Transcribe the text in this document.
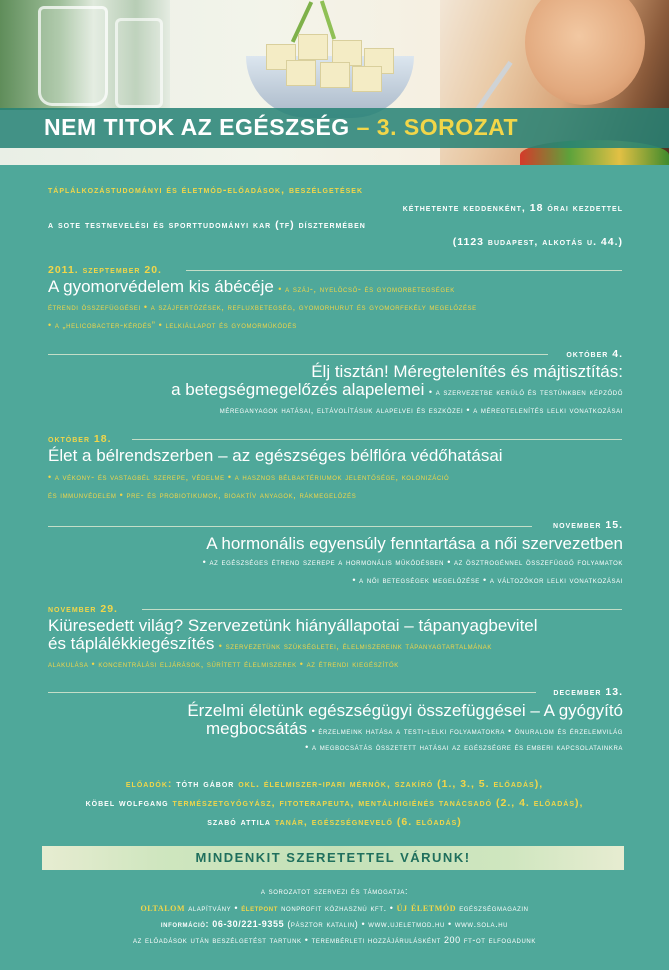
NEM TITOK AZ EGÉSZSÉG – 3. SOROZAT
táplálkozástudományi és életmód-előadások, beszélgetések
kéthetente keddenként, 18 órai kezdettel
a sote testnevelési és sporttudományi kar (tf) dísztermében
(1123 budapest, alkotás u. 44.)
2011. szeptember 20.
A gyomorvédelem kis ábécéje • a száj-, nyelőcső- és gyomorbetegségek
étrendi összefüggései • a szájfertőzések, refluxbetegség, gyomorhurut és gyomorfekély megelőzése
• a „helicobacter-kérdés” • lelkiállapot és gyomorműködés
október 4.
Élj tisztán! Méregtelenítés és májtisztítás:
a betegségmegelőzés alapelemei • a szervezetbe kerülő és testünkben képződő
méreganyagok hatásai, eltávolításuk alapelvei és eszközei • a méregtelenítés lelki vonatkozásai
október 18.
Élet a bélrendszerben – az egészséges bélflóra védőhatásai
• a vékony- és vastagbél szerepe, védelme • a hasznos bélbaktériumok jelentősége, kolonizáció
és immunvédelem • pre- és probiotikumok, bioaktív anyagok, rákmegelőzés
november 15.
A hormonális egyensúly fenntartása a női szervezetben
• az egészséges étrend szerepe a hormonális működésben • az ösztrogénnel összefüggő folyamatok
• a női betegségek megelőzése • a változókor lelki vonatkozásai
november 29.
Kiüresedett világ? Szervezetünk hiányállapotai – tápanyagbevitel
és táplálékkiegészítés • szervezetünk szükségletei, élelmiszereink tápanyagtartalmának
alakulása • koncentrálási eljárások, sűrített élelmiszerek • az étrendi kiegészítők
december 13.
Érzelmi életünk egészségügyi összefüggései – A gyógyító
megbocsátás • érzelmeink hatása a testi-lelki folyamatokra • önuralom és érzelemvilág
• a megbocsátás összetett hatásai az egészségre és emberi kapcsolatainkra
előadók: tóth gábor okl. élelmiszer-ipari mérnök, szakíró (1., 3., 5. előadás),
köbel wolfgang természetgyógyász, fitoterapeuta, mentálhigiénés tanácsadó (2., 4. előadás),
szabó attila tanár, egészségnevelő (6. előadás)
MINDENKIT SZERETETTEL VÁRUNK!
a sorozatot szervezi és támogatja:
oltalom alapítvány • életpont nonprofit közhasznú kft. • új életmód egészségmagazin
információ: 06-30/221-9355 (pásztor katalin) • www.ujeletmod.hu • www.sola.hu
az előadások után beszélgetést tartunk • terembérleti hozzájárulásként 200 ft-ot elfogadunk
